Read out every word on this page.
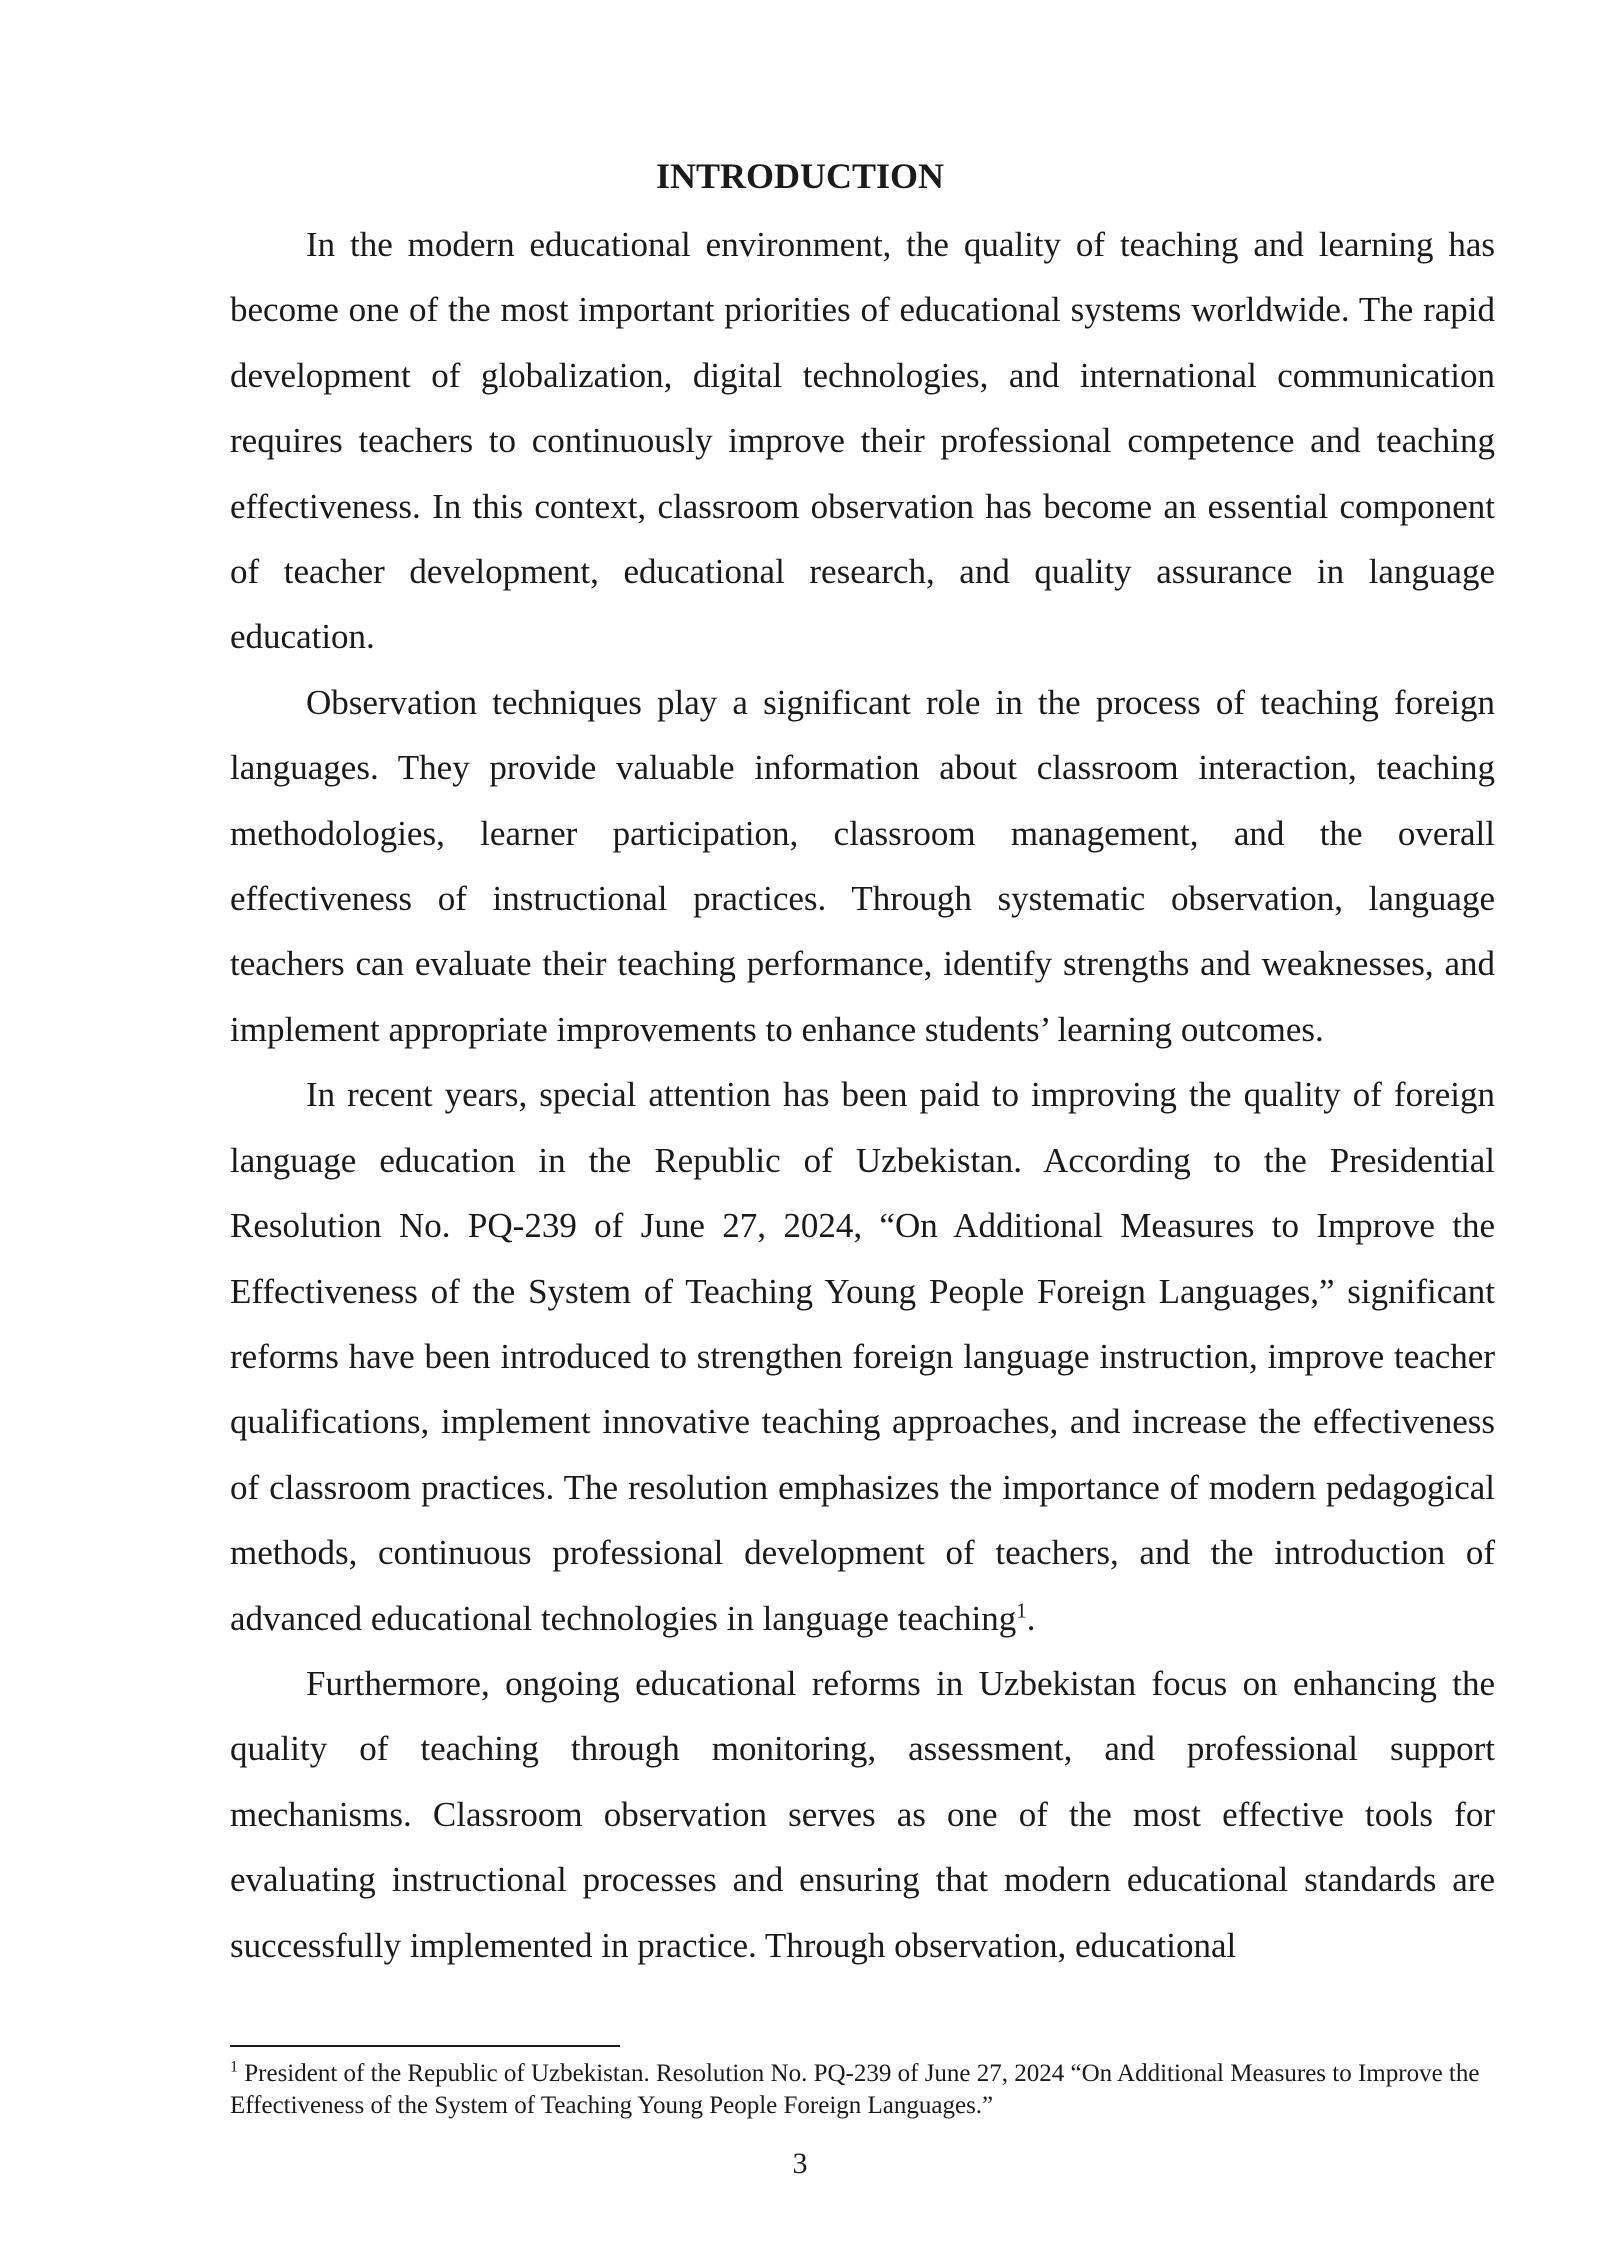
INTRODUCTION

In the modern educational environment, the quality of teaching and learning has become one of the most important priorities of educational systems worldwide. The rapid development of globalization, digital technologies, and international communication requires teachers to continuously improve their professional competence and teaching effectiveness. In this context, classroom observation has become an essential component of teacher development, educational research, and quality assurance in language education.

Observation techniques play a significant role in the process of teaching foreign languages. They provide valuable information about classroom interaction, teaching methodologies, learner participation, classroom management, and the overall effectiveness of instructional practices. Through systematic observation, language teachers can evaluate their teaching performance, identify strengths and weaknesses, and implement appropriate improvements to enhance students’ learning outcomes.

In recent years, special attention has been paid to improving the quality of foreign language education in the Republic of Uzbekistan. According to the Presidential Resolution No. PQ-239 of June 27, 2024, “On Additional Measures to Improve the Effectiveness of the System of Teaching Young People Foreign Languages,” significant reforms have been introduced to strengthen foreign language instruction, improve teacher qualifications, implement innovative teaching approaches, and increase the effectiveness of classroom practices. The resolution emphasizes the importance of modern pedagogical methods, continuous professional development of teachers, and the introduction of advanced educational technologies in language teaching$^1$.

Furthermore, ongoing educational reforms in Uzbekistan focus on enhancing the quality of teaching through monitoring, assessment, and professional support mechanisms. Classroom observation serves as one of the most effective tools for evaluating instructional processes and ensuring that modern educational standards are successfully implemented in practice. Through observation, educational

$^1$ President of the Republic of Uzbekistan. Resolution No. PQ-239 of June 27, 2024 “On Additional Measures to Improve the Effectiveness of the System of Teaching Young People Foreign Languages.”

3
